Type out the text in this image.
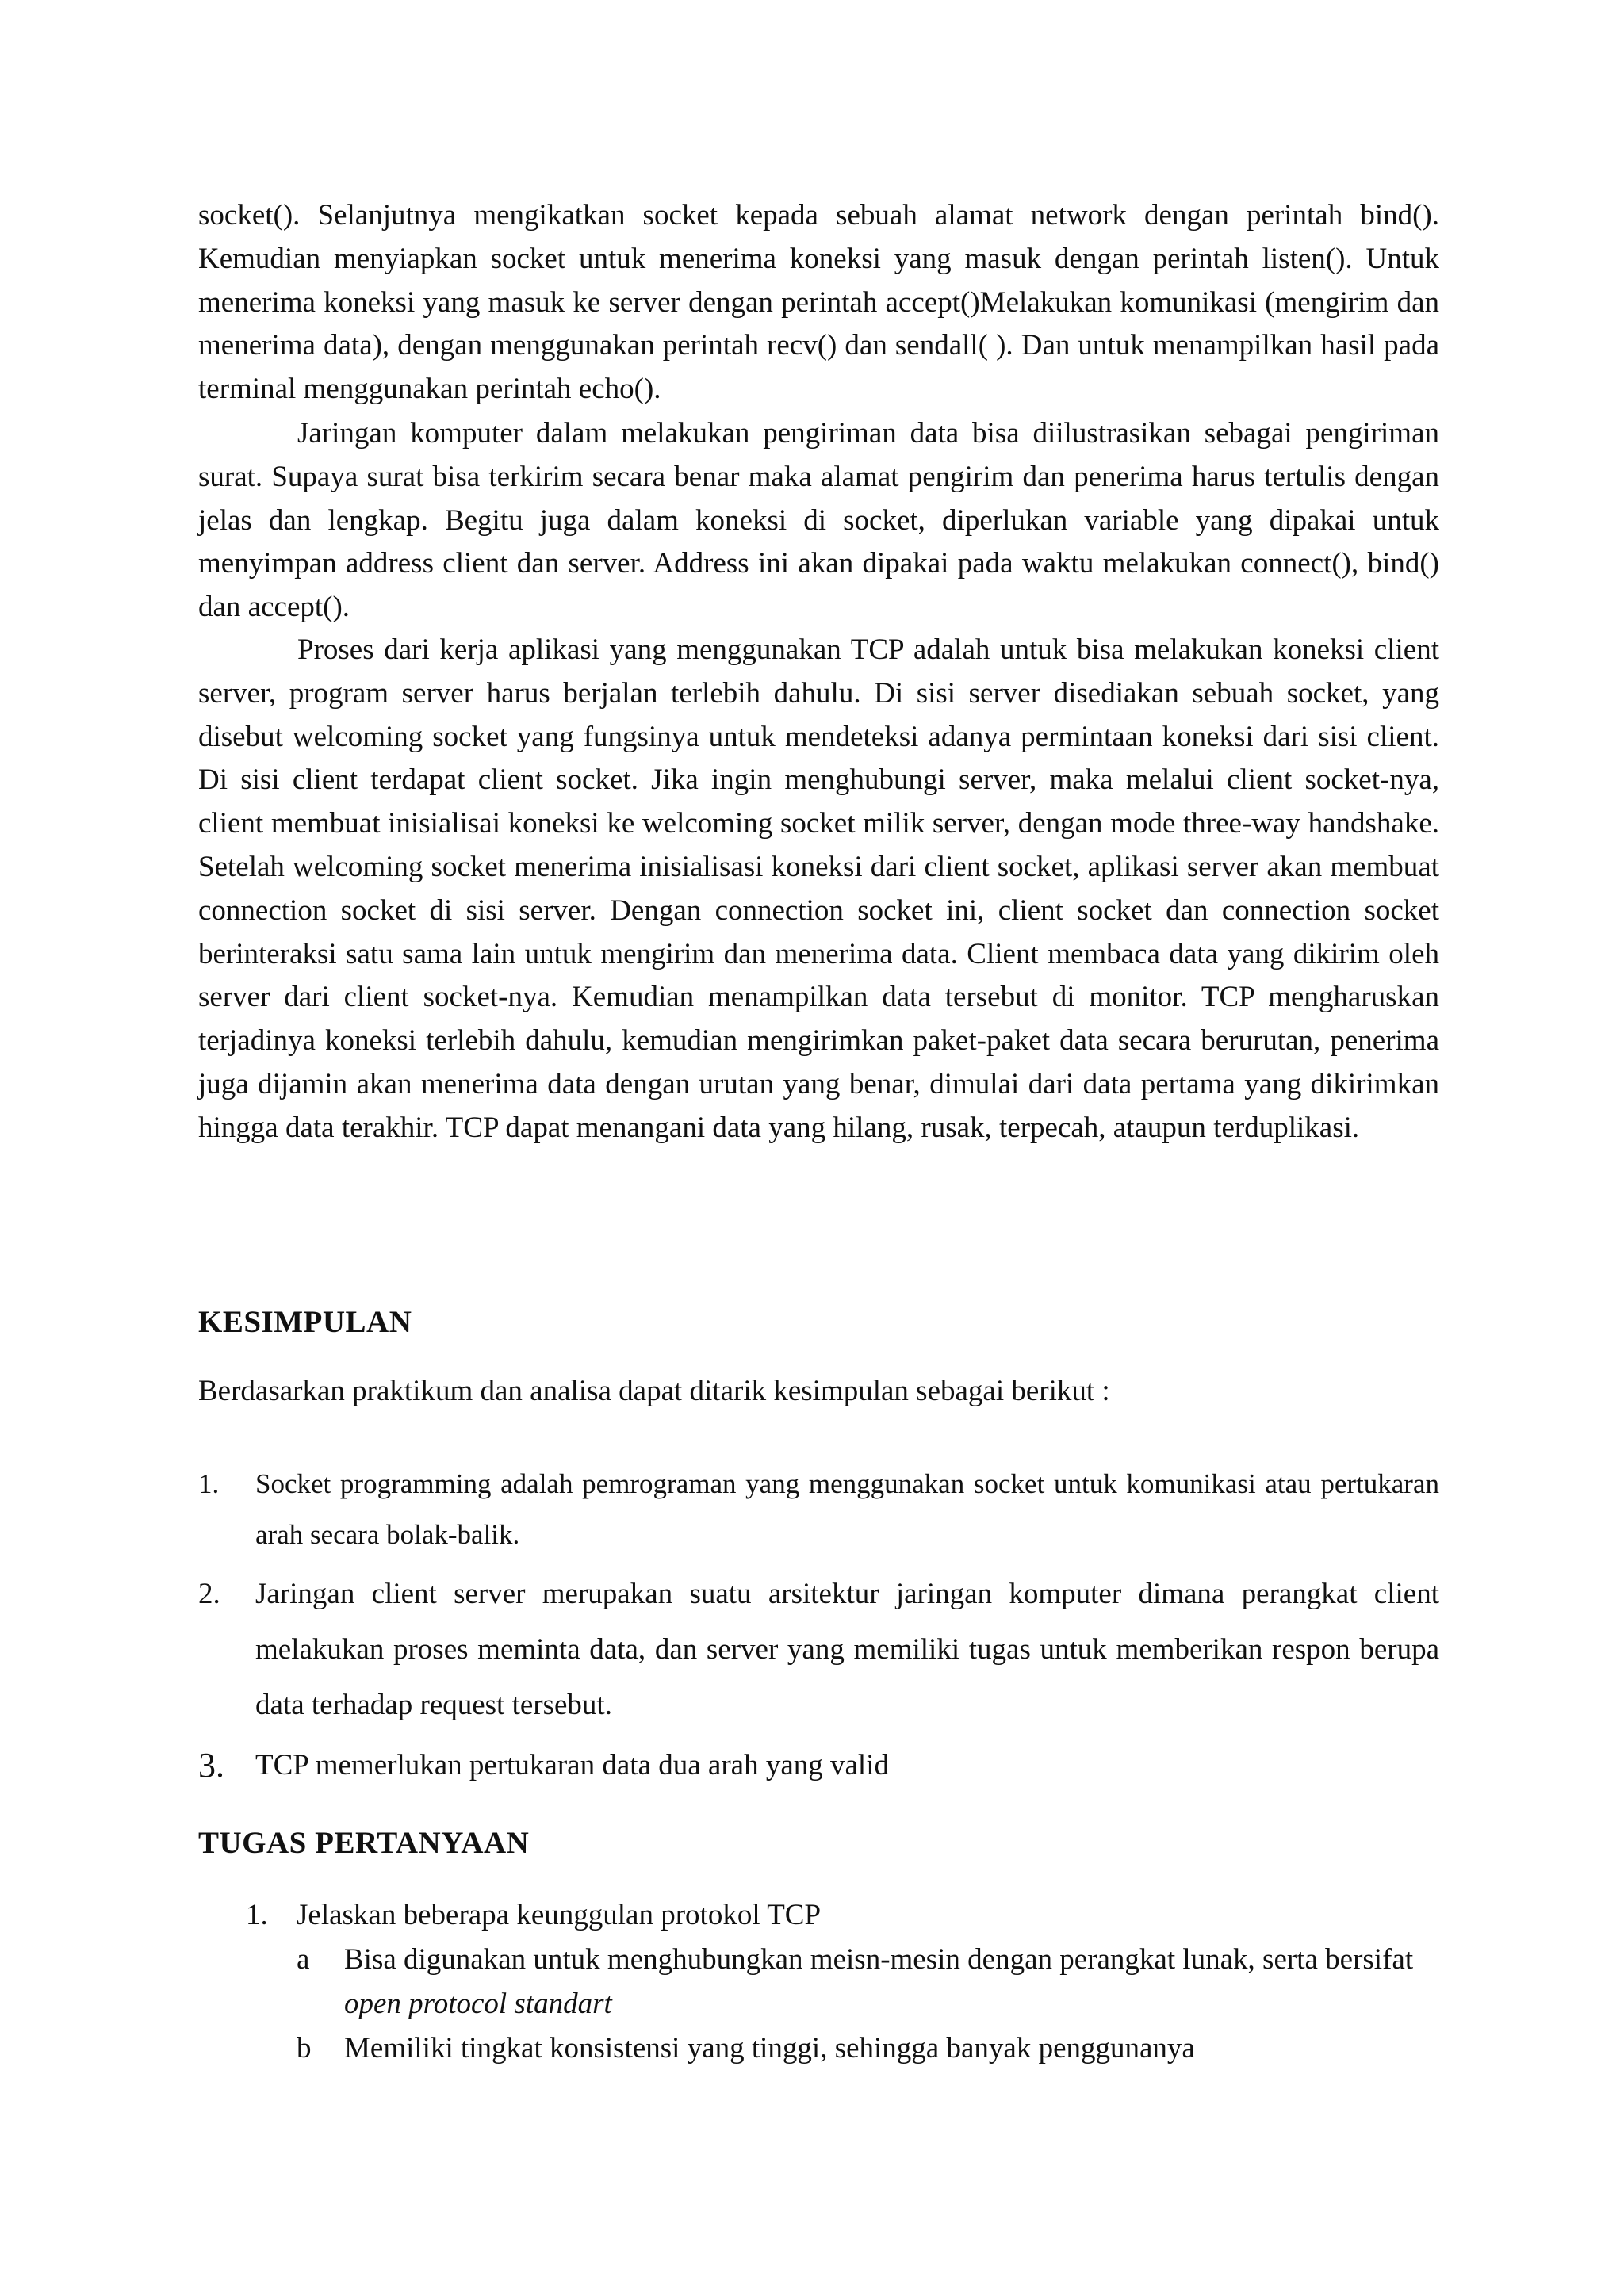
socket(). Selanjutnya mengikatkan socket kepada sebuah alamat network dengan perintah bind(). Kemudian menyiapkan socket untuk menerima koneksi yang masuk dengan perintah listen(). Untuk menerima koneksi yang masuk ke server dengan perintah accept()Melakukan komunikasi (mengirim dan menerima data), dengan menggunakan perintah recv() dan sendall( ). Dan untuk menampilkan hasil pada terminal menggunakan perintah echo().

Jaringan komputer dalam melakukan pengiriman data bisa diilustrasikan sebagai pengiriman surat. Supaya surat bisa terkirim secara benar maka alamat pengirim dan penerima harus tertulis dengan jelas dan lengkap. Begitu juga dalam koneksi di socket, diperlukan variable yang dipakai untuk menyimpan address client dan server. Address ini akan dipakai pada waktu melakukan connect(), bind() dan accept().

Proses dari kerja aplikasi yang menggunakan TCP adalah untuk bisa melakukan koneksi client server, program server harus berjalan terlebih dahulu. Di sisi server disediakan sebuah socket, yang disebut welcoming socket yang fungsinya untuk mendeteksi adanya permintaan koneksi dari sisi client. Di sisi client terdapat client socket. Jika ingin menghubungi server, maka melalui client socket-nya, client membuat inisialisai koneksi ke welcoming socket milik server, dengan mode three-way handshake. Setelah welcoming socket menerima inisialisasi koneksi dari client socket, aplikasi server akan membuat connection socket di sisi server. Dengan connection socket ini, client socket dan connection socket berinteraksi satu sama lain untuk mengirim dan menerima data. Client membaca data yang dikirim oleh server dari client socket-nya. Kemudian menampilkan data tersebut di monitor. TCP mengharuskan terjadinya koneksi terlebih dahulu, kemudian mengirimkan paket-paket data secara berurutan, penerima juga dijamin akan menerima data dengan urutan yang benar, dimulai dari data pertama yang dikirimkan hingga data terakhir. TCP dapat menangani data yang hilang, rusak, terpecah, ataupun terduplikasi.

KESIMPULAN

Berdasarkan praktikum dan analisa dapat ditarik kesimpulan sebagai berikut :

1. Socket programming adalah pemrograman yang menggunakan socket untuk komunikasi atau pertukaran arah secara bolak-balik.
2. Jaringan client server merupakan suatu arsitektur jaringan komputer dimana perangkat client melakukan proses meminta data, dan server yang memiliki tugas untuk memberikan respon berupa data terhadap request tersebut.
3. TCP memerlukan pertukaran data dua arah yang valid
TUGAS PERTANYAAN

1. Jelaskan beberapa keunggulan protokol TCP

a Bisa digunakan untuk menghubungkan meisn-mesin dengan perangkat lunak, serta bersifat open protocol standart
b Memiliki tingkat konsistensi yang tinggi, sehingga banyak penggunanya
